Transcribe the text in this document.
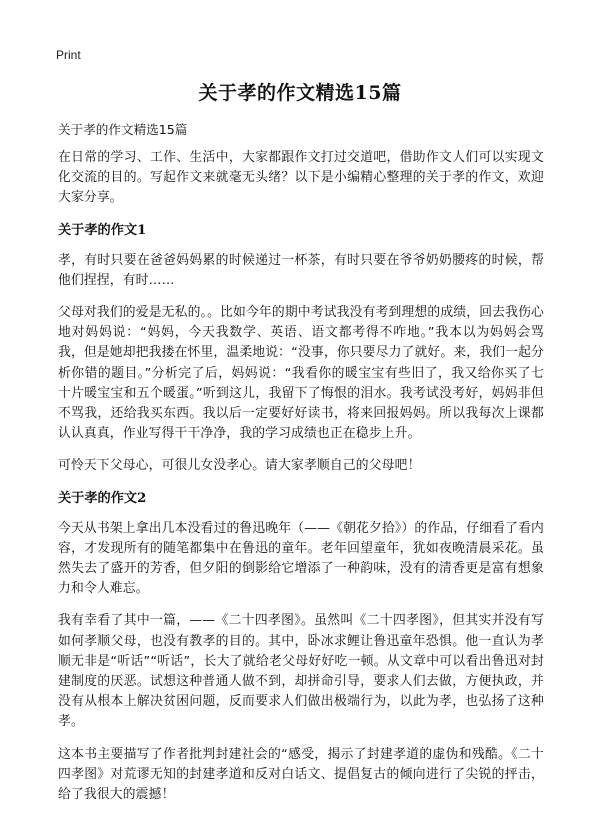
Print
关于孝的作文精选15篇
关于孝的作文精选15篇

在日常的学习、工作、生活中，大家都跟作文打过交道吧，借助作文人们可以实现文化交流的目的。写起作文来就毫无头绪？以下是小编精心整理的关于孝的作文，欢迎大家分享。

关于孝的作文1

孝，有时只要在爸爸妈妈累的时候递过一杯茶，有时只要在爷爷奶奶腰疼的时候，帮他们捏捏，有时……

父母对我们的爱是无私的。。比如今年的期中考试我没有考到理想的成绩，回去我伤心地对妈妈说：“妈妈，今天我数学、英语、语文都考得不咋地。”我本以为妈妈会骂我，但是她却把我搂在怀里，温柔地说：“没事，你只要尽力了就好。来，我们一起分析你错的题目。”分析完了后，妈妈说：“我看你的暖宝宝有些旧了，我又给你买了七十片暖宝宝和五个暖蛋。”听到这儿，我留下了悔恨的泪水。我考试没考好，妈妈非但不骂我，还给我买东西。我以后一定要好好读书，将来回报妈妈。所以我每次上课都认认真真，作业写得干干净净，我的学习成绩也正在稳步上升。

可怜天下父母心，可很儿女没孝心。请大家孝顺自己的父母吧！

关于孝的作文2

今天从书架上拿出几本没看过的鲁迅晚年（——《朝花夕拾》）的作品，仔细看了看内容，才发现所有的随笔都集中在鲁迅的童年。老年回望童年，犹如夜晚清晨采花。虽然失去了盛开的芳香，但夕阳的倒影给它增添了一种韵味，没有的清香更是富有想象力和令人难忘。

我有幸看了其中一篇，——《二十四孝图》。虽然叫《二十四孝图》，但其实并没有写如何孝顺父母，也没有教孝的目的。其中，卧冰求鲤让鲁迅童年恐惧。他一直认为孝顺无非是“听话”“听话”，长大了就给老父母好好吃一顿。从文章中可以看出鲁迅对封建制度的厌恶。试想这种普通人做不到，却拼命引导，要求人们去做，方便执政，并没有从根本上解决贫困问题，反而要求人们做出极端行为，以此为孝，也弘扬了这种孝。

这本书主要描写了作者批判封建社会的“感受，揭示了封建孝道的虚伪和残酷。《二十四孝图》对荒谬无知的封建孝道和反对白话文、提倡复古的倾向进行了尖锐的抨击，给了我很大的震撼！
